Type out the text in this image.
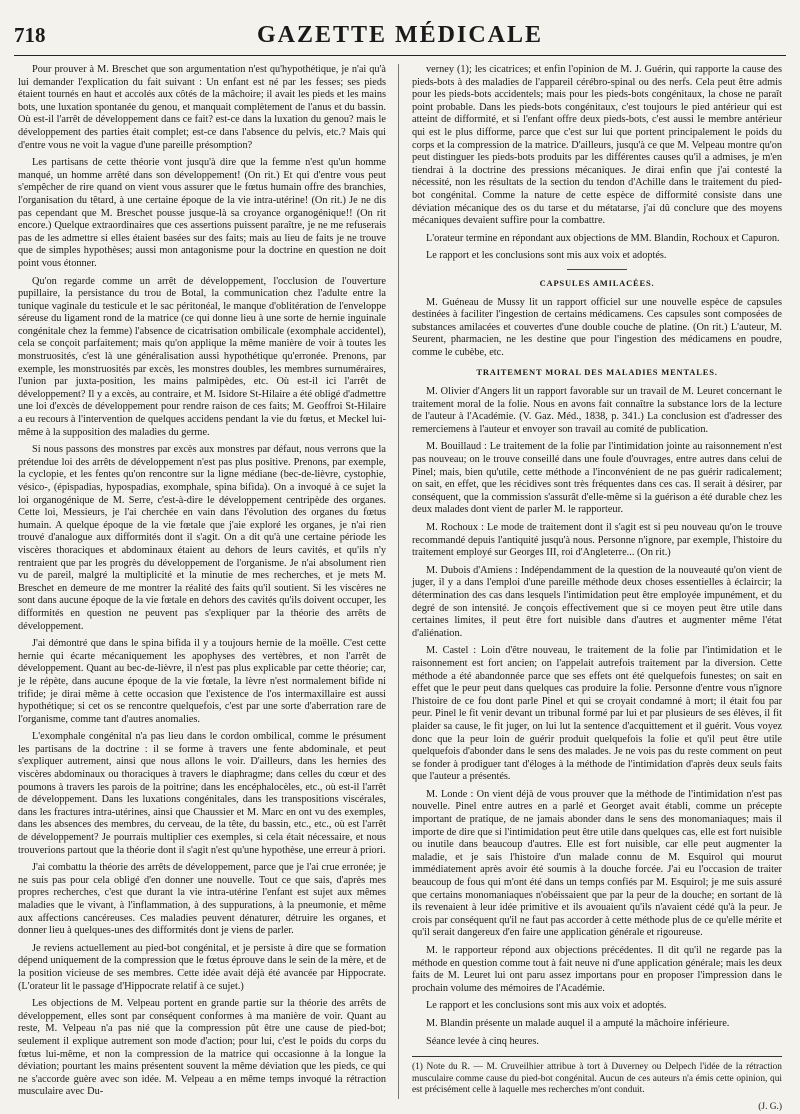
718	GAZETTE MÉDICALE

Pour prouver à M. Breschet que son argumentation n'est qu'hypothétique, je n'ai qu'à lui demander l'explication du fait suivant : Un enfant est né par les fesses; ses pieds étaient tournés en haut et accolés aux côtés de la mâchoire; il avait les pieds et les mains bots, une luxation spontanée du genou, et manquait complètement de l'anus et du bassin. Où est-il l'arrêt de développement dans ce fait? est-ce dans la luxation du genou? mais le développement des parties était complet; est-ce dans l'absence du pelvis, etc.? Mais qui d'entre vous ne voit la vague d'une pareille présomption?

Les partisans de cette théorie vont jusqu'à dire que la femme n'est qu'un homme manqué, un homme arrêté dans son développement! (On rit.) Et qui d'entre vous peut s'empêcher de rire quand on vient vous assurer que le fœtus humain offre des branchies, l'organisation du têtard, à une certaine époque de la vie intra-utérine! (On rit.) Je ne dis pas cependant que M. Breschet pousse jusque-là sa croyance organogénique!! (On rit encore.) Quelque extraordinaires que ces assertions puissent paraître, je ne me refuserais pas de les admettre si elles étaient basées sur des faits; mais au lieu de faits je ne trouve que de simples hypothèses; aussi mon antagonisme pour la doctrine en question ne doit point vous étonner.

Qu'on regarde comme un arrêt de développement, l'occlusion de l'ouverture pupillaire, la persistance du trou de Botal, la communication chez l'adulte entre la tunique vaginale du testicule et le sac péritonéal, le manque d'oblitération de l'enveloppe séreuse du ligament rond de la matrice (ce qui donne lieu à une sorte de hernie inguinale congénitale chez la femme) l'absence de cicatrisation ombilicale (exomphale accidentel), cela se conçoit parfaitement; mais qu'on applique la même manière de voir à toutes les monstruosités, c'est là une généralisation aussi hypothétique qu'erronée. Prenons, par exemple, les monstruosités par excès, les monstres doubles, les membres surnuméraires, l'union par juxta-position, les mains palmipèdes, etc. Où est-il ici l'arrêt de développement? Il y a excès, au contraire, et M. Isidore St-Hilaire a été obligé d'admettre une loi d'excès de développement pour rendre raison de ces faits; M. Geoffroi St-Hilaire a eu recours à l'intervention de quelques accidens pendant la vie du fœtus, et Meckel lui-même à la supposition des maladies du germe.

Si nous passons des monstres par excès aux monstres par défaut, nous verrons que la prétendue loi des arrêts de développement n'est pas plus positive. Prenons, par exemple, la cyclopie, et les fentes qu'on rencontre sur la ligne médiane (bec-de-lièvre, cystophie, vésico-, (épispadias, hypospadias, exomphale, spina bifida). On a invoqué à ce sujet la loi organogénique de M. Serre, c'est-à-dire le développement centripède des organes. Cette loi, Messieurs, je l'ai cherchée en vain dans l'évolution des organes du fœtus humain. A quelque époque de la vie fœtale que j'aie exploré les organes, je n'ai rien trouvé d'analogue aux difformités dont il s'agit. On a dit qu'à une certaine période les viscères thoraciques et abdominaux étaient au dehors de leurs cavités, et qu'ils n'y rentraient que par les progrès du développement de l'organisme. Je n'ai absolument rien vu de pareil, malgré la multiplicité et la minutie de mes recherches, et je mets M. Breschet en demeure de me montrer la réalité des faits qu'il soutient. Si les viscères ne sont dans aucune époque de la vie fœtale en dehors des cavités qu'ils doivent occuper, les difformités en question ne peuvent pas s'expliquer par la théorie des arrêts de développement.

J'ai démontré que dans le spina bifida il y a toujours hernie de la moëlle. C'est cette hernie qui écarte mécaniquement les apophyses des vertèbres, et non l'arrêt de développement. Quant au bec-de-lièvre, il n'est pas plus explicable par cette théorie; car, je le répète, dans aucune époque de la vie fœtale, la lèvre n'est normalement bifide ni trifide; je dirai même à cette occasion que l'existence de l'os intermaxillaire est aussi hypothétique; si cet os se rencontre quelquefois, c'est par une sorte d'aberration rare de l'organisme, comme tant d'autres anomalies.

L'exomphale congénital n'a pas lieu dans le cordon ombilical, comme le présument les partisans de la doctrine : il se forme à travers une fente abdominale, et peut s'expliquer autrement, ainsi que nous allons le voir. D'ailleurs, dans les hernies des viscères abdominaux ou thoraciques à travers le diaphragme; dans celles du cœur et des poumons à travers les parois de la poitrine; dans les encéphalocèles, etc., où est-il l'arrêt de développement. Dans les luxations congénitales, dans les transpositions viscérales, dans les fractures intra-utérines, ainsi que Chaussier et M. Marc en ont vu des exemples, dans les absences des membres, du cerveau, de la tête, du bassin, etc., etc., où est l'arrêt de développement? Je pourrais multiplier ces exemples, si cela était nécessaire, et nous trouverions partout que la théorie dont il s'agit n'est qu'une hypothèse, une erreur à priori.

J'ai combattu la théorie des arrêts de développement, parce que je l'ai crue erronée; je ne suis pas pour cela obligé d'en donner une nouvelle. Tout ce que sais, d'après mes propres recherches, c'est que durant la vie intra-utérine l'enfant est sujet aux mêmes maladies que le vivant, à l'inflammation, à des suppurations, à la pneumonie, et même aux affections cancéreuses. Ces maladies peuvent dénaturer, détruire les organes, et donner lieu à quelques-unes des difformités dont je viens de parler.

Je reviens actuellement au pied-bot congénital, et je persiste à dire que se formation dépend uniquement de la compression que le fœtus éprouve dans le sein de la mère, et de la position vicieuse de ses membres. Cette idée avait déjà été avancée par Hippocrate. (L'orateur lit le passage d'Hippocrate relatif à ce sujet.)

Les objections de M. Velpeau portent en grande partie sur la théorie des arrêts de développement, elles sont par conséquent conformes à ma manière de voir. Quant au reste, M. Velpeau n'a pas nié que la compression pût être une cause de pied-bot; seulement il explique autrement son mode d'action; pour lui, c'est le poids du corps du fœtus lui-même, et non la compression de la matrice qui occasionne à la longue la déviation; pourtant les mains présentent souvent la même déviation que les pieds, ce qui ne s'accorde guère avec son idée. M. Velpeau a en même temps invoqué la rétraction musculaire avec Du-

verney (1); les cicatrices; et enfin l'opinion de M. J. Guérin, qui rapporte la cause des pieds-bots à des maladies de l'appareil cérébro-spinal ou des nerfs. Cela peut être admis pour les pieds-bots accidentels; mais pour les pieds-bots congénitaux, la chose ne paraît point probable. Dans les pieds-bots congénitaux, c'est toujours le pied antérieur qui est atteint de difformité, et si l'enfant offre deux pieds-bots, c'est aussi le membre antérieur qui est le plus difforme, parce que c'est sur lui que portent principalement le poids du corps et la compression de la matrice. D'ailleurs, jusqu'à ce que M. Velpeau montre qu'on peut distinguer les pieds-bots produits par les différentes causes qu'il a admises, je m'en tiendrai à la doctrine des pressions mécaniques. Je dirai enfin que j'ai contesté la nécessité, non les résultats de la section du tendon d'Achille dans le traitement du pied-bot congénital. Comme la nature de cette espèce de difformité consiste dans une déviation mécanique des os du tarse et du métatarse, j'ai dû conclure que des moyens mécaniques devaient suffire pour la combattre.

L'orateur termine en répondant aux objections de MM. Blandin, Rochoux et Capuron.

Le rapport et les conclusions sont mis aux voix et adoptés.

CAPSULES AMILACÉES.

M. Guéneau de Mussy lit un rapport officiel sur une nouvelle espèce de capsules destinées à faciliter l'ingestion de certains médicamens. Ces capsules sont composées de substances amilacées et couvertes d'une double couche de platine. (On rit.) L'auteur, M. Seurent, pharmacien, ne les destine que pour l'ingestion des médicamens en poudre, comme le cubèbe, etc.

TRAITEMENT MORAL DES MALADIES MENTALES.

M. Olivier d'Angers lit un rapport favorable sur un travail de M. Leuret concernant le traitement moral de la folie. Nous en avons fait connaître la substance lors de la lecture de l'auteur à l'Académie. (V. Gaz. Méd., 1838, p. 341.) La conclusion est d'adresser des remerciemens à l'auteur et envoyer son travail au comité de publication.

M. Bouillaud : Le traitement de la folie par l'intimidation jointe au raisonnement n'est pas nouveau; on le trouve conseillé dans une foule d'ouvrages, entre autres dans celui de Pinel; mais, bien qu'utile, cette méthode a l'inconvénient de ne pas guérir radicalement; on sait, en effet, que les récidives sont très fréquentes dans ces cas. Il serait à désirer, par conséquent, que la commission s'assurât d'elle-même si la guérison a été durable chez les deux malades dont vient de parler M. le rapporteur.

M. Rochoux : Le mode de traitement dont il s'agit est si peu nouveau qu'on le trouve recommandé depuis l'antiquité jusqu'à nous. Personne n'ignore, par exemple, l'histoire du traitement employé sur Georges III, roi d'Angleterre... (On rit.)

M. Dubois d'Amiens : Indépendamment de la question de la nouveauté qu'on vient de juger, il y a dans l'emploi d'une pareille méthode deux choses essentielles à éclaircir; la détermination des cas dans lesquels l'intimidation peut être employée impunément, et du degré de son intensité. Je conçois effectivement que si ce moyen peut être utile dans certaines limites, il peut être fort nuisible dans d'autres et augmenter même l'état d'aliénation.

M. Castel : Loin d'être nouveau, le traitement de la folie par l'intimidation et le raisonnement est fort ancien; on l'appelait autrefois traitement par la diversion. Cette méthode a été abandonnée parce que ses effets ont été quelquefois funestes; on sait en effet que le peur peut dans quelques cas produire la folie. Personne d'entre vous n'ignore l'histoire de ce fou dont parle Pinel et qui se croyait condamné à mort; il était fou par peur. Pinel le fit venir devant un tribunal formé par lui et par plusieurs de ses élèves, il fit plaider sa cause, le fit juger, on lui lut la sentence d'acquittement et il guérit. Vous voyez donc que la peur loin de guérir produit quelquefois la folie et qu'il peut être utile quelquefois d'abonder dans le sens des malades. Je ne vois pas du reste comment on peut se fonder à prodiguer tant d'éloges à la méthode de l'intimidation d'après deux seuls faits que l'auteur a présentés.

M. Londe : On vient déjà de vous prouver que la méthode de l'intimidation n'est pas nouvelle. Pinel entre autres en a parlé et Georget avait établi, comme un précepte important de pratique, de ne jamais abonder dans le sens des monomaniaques; mais il importe de dire que si l'intimidation peut être utile dans quelques cas, elle est fort nuisible ou inutile dans beaucoup d'autres. Elle est fort nuisible, car elle peut augmenter la maladie, et je sais l'histoire d'un malade connu de M. Esquirol qui mourut immédiatement après avoir été soumis à la douche forcée. J'ai eu l'occasion de traiter beaucoup de fous qui m'ont été dans un temps confiés par M. Esquirol; je me suis assuré que certains monomaniaques n'obéissaient que par la peur de la douche; en sortant de là ils revenaient à leur idée primitive et ils avouaient qu'ils n'avaient cédé qu'à la peur. Je crois par conséquent qu'il ne faut pas accorder à cette méthode plus de ce qu'elle mérite et qu'il serait dangereux d'en faire une application générale et rigoureuse.

M. le rapporteur répond aux objections précédentes. Il dit qu'il ne regarde pas la méthode en question comme tout à fait neuve ni d'une application générale; mais les deux faits de M. Leuret lui ont paru assez importans pour en proposer l'impression dans le prochain volume des mémoires de l'Académie.

Le rapport et les conclusions sont mis aux voix et adoptés.

M. Blandin présente un malade auquel il a amputé la mâchoire inférieure.

Séance levée à cinq heures.

(1) Note du R. — M. Cruveilhier attribue à tort à Duverney ou Delpech l'idée de la rétraction musculaire comme cause du pied-bot congénital. Aucun de ces auteurs n'a émis cette opinion, qui est précisément celle à laquelle mes recherches m'ont conduit.

(J. G.)
